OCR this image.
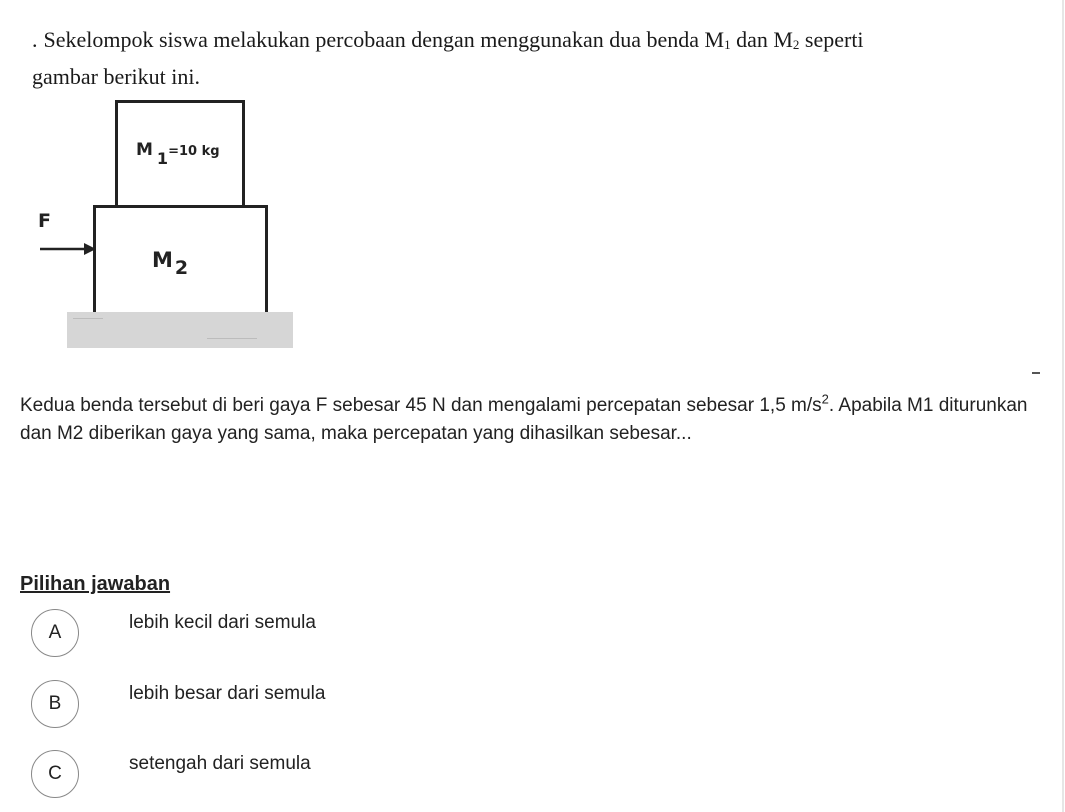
. Sekelompok siswa melakukan percobaan dengan menggunakan dua benda M1 dan M2 seperti
gambar berikut ini.
M 1=10 kg
M 2
F
Kedua benda tersebut di beri gaya F sebesar 45 N dan mengalami percepatan sebesar 1,5 $m/s^2$. Apabila M1 diturunkan dan M2 diberikan gaya yang sama, maka percepatan yang dihasilkan sebesar...
Pilihan jawaban
A	lebih kecil dari semula
B	lebih besar dari semula
C	setengah dari semula
